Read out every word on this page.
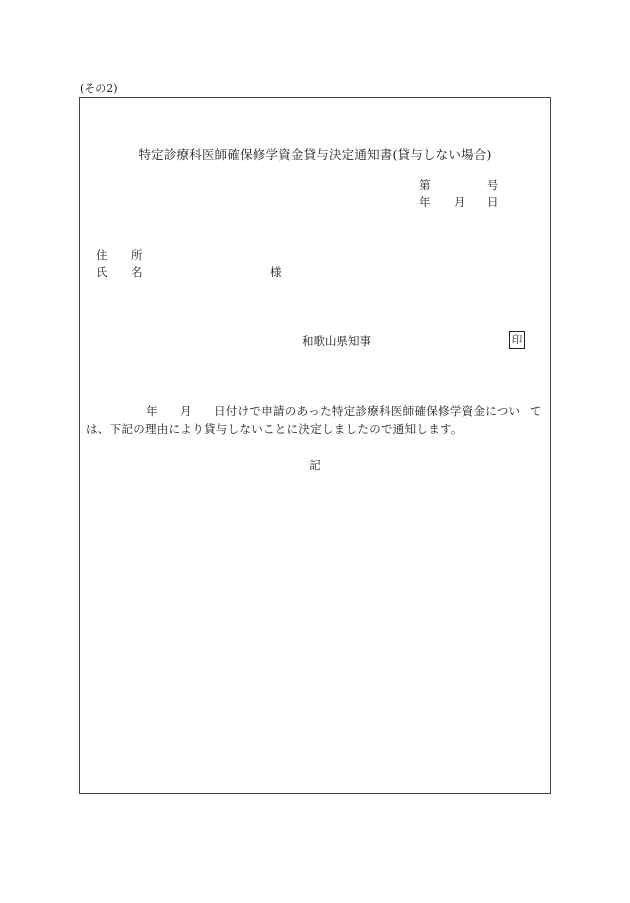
(その2)
特定診療科医師確保修学資金貸与決定通知書(貸与しない場合)
第	号
年 月 日
住 所
氏 名	様
和歌山県知事	印
年 月 日付けで申請のあった特定診療科医師確保修学資金につい て
は、下記の理由により貸与しないことに決定しましたので通知します。
記
